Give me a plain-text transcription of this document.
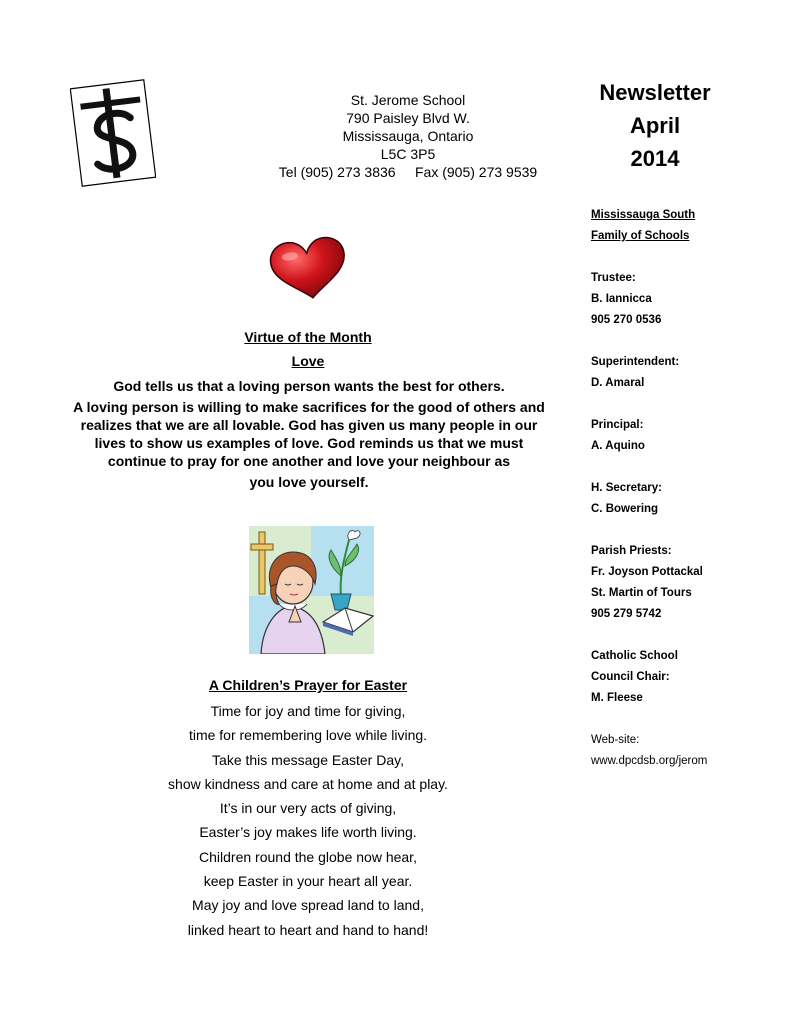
St. Jerome School
790 Paisley Blvd W.
Mississauga, Ontario
L5C 3P5
Tel (905) 273 3836     Fax (905) 273 9539
Newsletter
April
2014
Mississauga South
Family of Schools
Trustee:
B. Iannicca
905 270 0536
Superintendent:
D. Amaral
Principal:
A. Aquino
H. Secretary:
C. Bowering
Parish Priests:
Fr. Joyson Pottackal
St. Martin of Tours
905 279 5742
Catholic School
Council Chair:
M. Fleese
Web-site:
www.dpcdsb.org/jerom
Virtue of the Month
Love
God tells us that a loving person wants the best for others.
A loving person is willing to make sacrifices for the good of others and realizes that we are all lovable. God has given us many people in our lives to show us examples of love. God reminds us that we must continue to pray for one another and love your neighbour as
you love yourself.
A Children’s Prayer for Easter
Time for joy and time for giving,
time for remembering love while living.
Take this message Easter Day,
show kindness and care at home and at play.
It’s in our very acts of giving,
Easter’s joy makes life worth living.
Children round the globe now hear,
keep Easter in your heart all year.
May joy and love spread land to land,
linked heart to heart and hand to hand!
